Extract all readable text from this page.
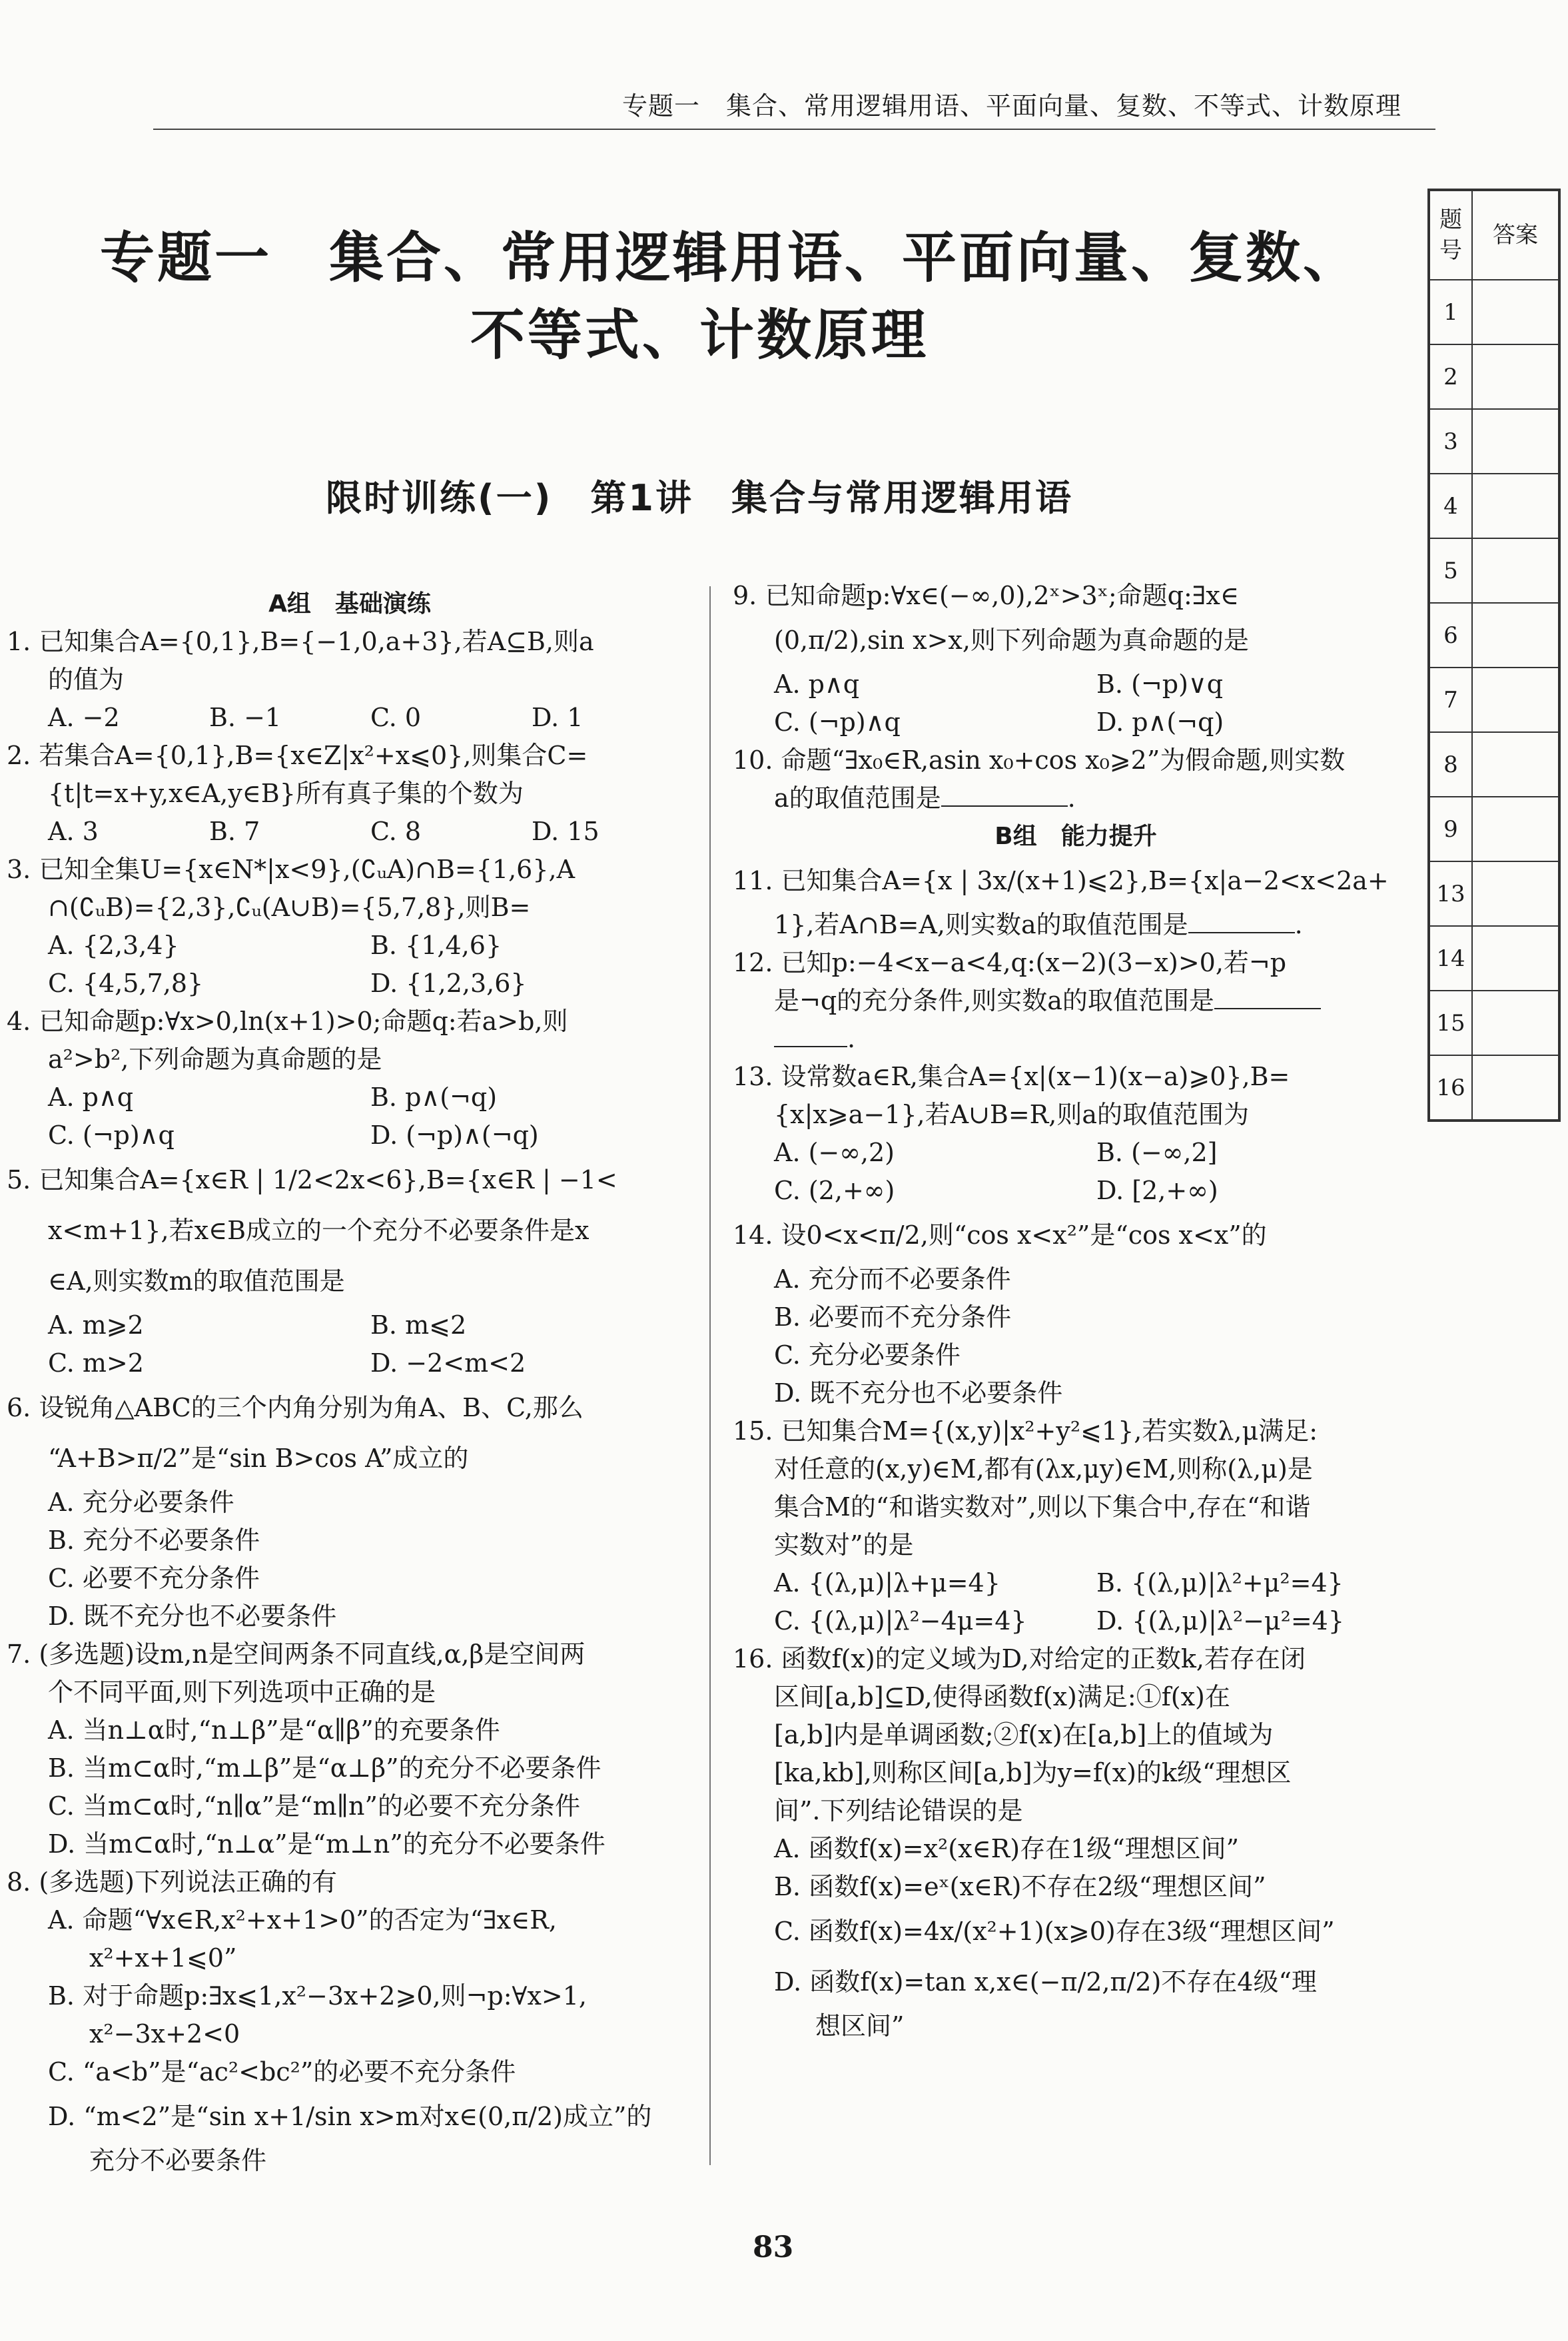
专题一　集合、常用逻辑用语、平面向量、复数、不等式、计数原理
题号	答案
1	
2	
3	
4	
5	
6	
7	
8	
9	
13	
14	
15	
16	
专题一　集合、常用逻辑用语、平面向量、复数、
不等式、计数原理
限时训练(一)　第1讲　集合与常用逻辑用语
A组　基础演练
1. 已知集合A={0,1},B={−1,0,a+3},若A⊆B,则a
的值为
A. −2	B. −1	C. 0	D. 1
2. 若集合A={0,1},B={x∈Z|x²+x⩽0},则集合C=
{t|t=x+y,x∈A,y∈B}所有真子集的个数为
A. 3	B. 7	C. 8	D. 15
3. 已知全集U={x∈N*|x<9},(∁ᵤA)∩B={1,6},A
∩(∁ᵤB)={2,3},∁ᵤ(A∪B)={5,7,8},则B=
A. {2,3,4}	B. {1,4,6}
C. {4,5,7,8}	D. {1,2,3,6}
4. 已知命题p:∀x>0,ln(x+1)>0;命题q:若a>b,则
a²>b²,下列命题为真命题的是
A. p∧q	B. p∧(¬q)
C. (¬p)∧q	D. (¬p)∧(¬q)
5. 已知集合A={x∈R | 1/2<2x<6},B={x∈R | −1<
x<m+1},若x∈B成立的一个充分不必要条件是x
∈A,则实数m的取值范围是
A. m⩾2	B. m⩽2
C. m>2	D. −2<m<2
6. 设锐角△ABC的三个内角分别为角A、B、C,那么
“A+B>π/2”是“sin B>cos A”成立的
A. 充分必要条件
B. 充分不必要条件
C. 必要不充分条件
D. 既不充分也不必要条件
7. (多选题)设m,n是空间两条不同直线,α,β是空间两
个不同平面,则下列选项中正确的是
A. 当n⊥α时,“n⊥β”是“α∥β”的充要条件
B. 当m⊂α时,“m⊥β”是“α⊥β”的充分不必要条件
C. 当m⊂α时,“n∥α”是“m∥n”的必要不充分条件
D. 当m⊂α时,“n⊥α”是“m⊥n”的充分不必要条件
8. (多选题)下列说法正确的有
A. 命题“∀x∈R,x²+x+1>0”的否定为“∃x∈R,
x²+x+1⩽0”
B. 对于命题p:∃x⩽1,x²−3x+2⩾0,则¬p:∀x>1,
x²−3x+2<0
C. “a<b”是“ac²<bc²”的必要不充分条件
D. “m<2”是“sin x+1/sin x>m对x∈(0,π/2)成立”的
充分不必要条件
9. 已知命题p:∀x∈(−∞,0),2ˣ>3ˣ;命题q:∃x∈
(0,π/2),sin x>x,则下列命题为真命题的是
A. p∧q	B. (¬p)∨q
C. (¬p)∧q	D. p∧(¬q)
10. 命题“∃x₀∈R,asin x₀+cos x₀⩾2”为假命题,则实数
a的取值范围是	.
B组　能力提升
11. 已知集合A={x | 3x/(x+1)⩽2},B={x|a−2<x<2a+
1},若A∩B=A,则实数a的取值范围是	.
12. 已知p:−4<x−a<4,q:(x−2)(3−x)>0,若¬p
是¬q的充分条件,则实数a的取值范围是
.
13. 设常数a∈R,集合A={x|(x−1)(x−a)⩾0},B=
{x|x⩾a−1},若A∪B=R,则a的取值范围为
A. (−∞,2)	B. (−∞,2]
C. (2,+∞)	D. [2,+∞)
14. 设0<x<π/2,则“cos x<x²”是“cos x<x”的
A. 充分而不必要条件
B. 必要而不充分条件
C. 充分必要条件
D. 既不充分也不必要条件
15. 已知集合M={(x,y)|x²+y²⩽1},若实数λ,μ满足:
对任意的(x,y)∈M,都有(λx,μy)∈M,则称(λ,μ)是
集合M的“和谐实数对”,则以下集合中,存在“和谐
实数对”的是
A. {(λ,μ)|λ+μ=4}	B. {(λ,μ)|λ²+μ²=4}
C. {(λ,μ)|λ²−4μ=4}	D. {(λ,μ)|λ²−μ²=4}
16. 函数f(x)的定义域为D,对给定的正数k,若存在闭
区间[a,b]⊆D,使得函数f(x)满足:①f(x)在
[a,b]内是单调函数;②f(x)在[a,b]上的值域为
[ka,kb],则称区间[a,b]为y=f(x)的k级“理想区
间”.下列结论错误的是
A. 函数f(x)=x²(x∈R)存在1级“理想区间”
B. 函数f(x)=eˣ(x∈R)不存在2级“理想区间”
C. 函数f(x)=4x/(x²+1)(x⩾0)存在3级“理想区间”
D. 函数f(x)=tan x,x∈(−π/2,π/2)不存在4级“理
想区间”
83
